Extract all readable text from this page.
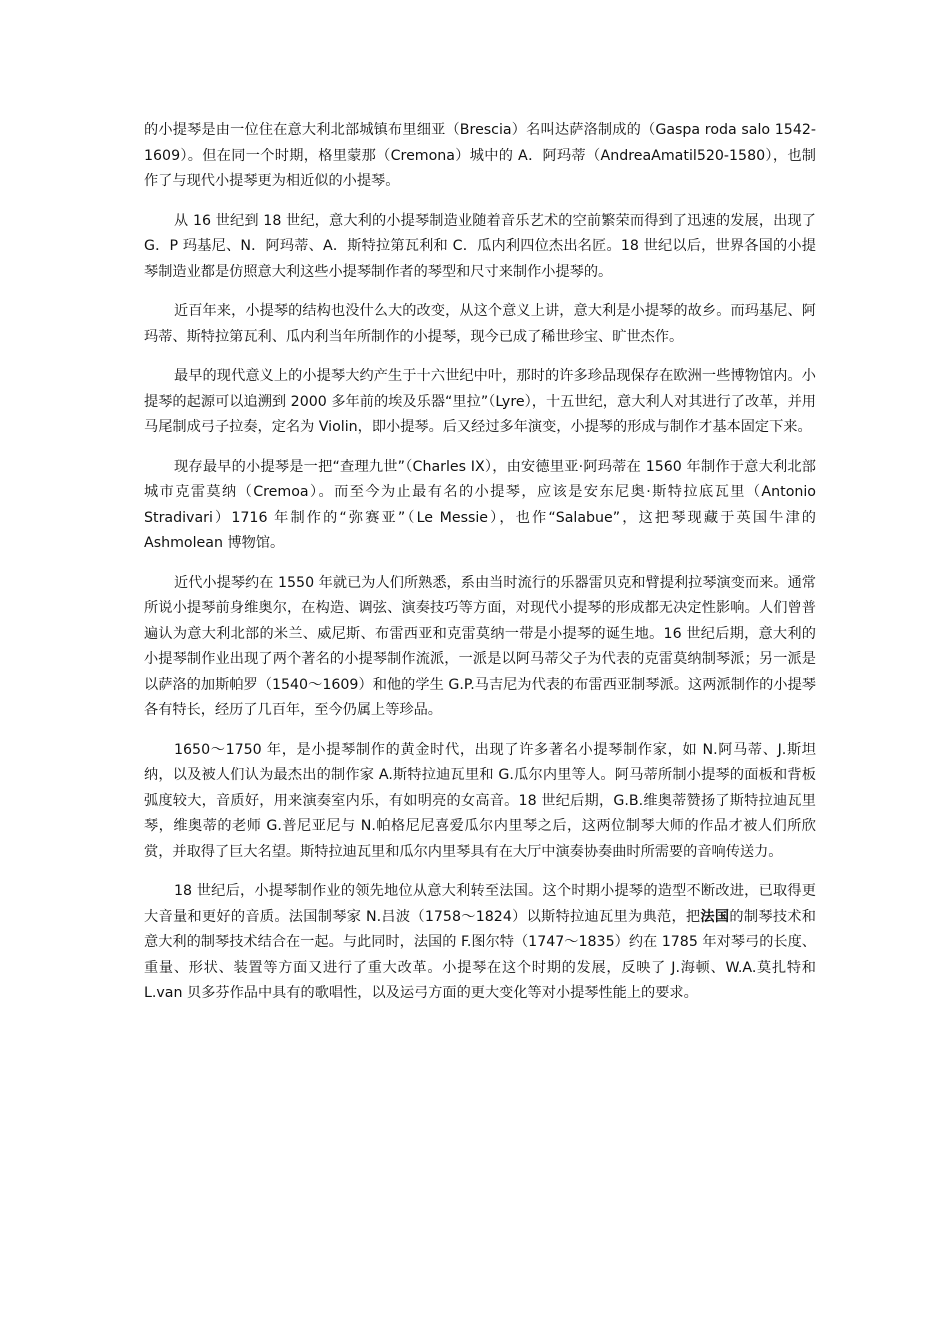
的小提琴是由一位住在意大利北部城镇布里细亚（Brescia）名叫达萨洛制成的（Gaspa roda salo 1542-1609）。但在同一个时期，格里蒙那（Cremona）城中的 A．阿玛蒂（AndreaAmatil520-1580），也制作了与现代小提琴更为相近似的小提琴。

从 16 世纪到 18 世纪，意大利的小提琴制造业随着音乐艺术的空前繁荣而得到了迅速的发展，出现了 G．P 玛基尼、N．阿玛蒂、A．斯特拉第瓦利和 C．瓜内利四位杰出名匠。18 世纪以后，世界各国的小提琴制造业都是仿照意大利这些小提琴制作者的琴型和尺寸来制作小提琴的。

近百年来，小提琴的结构也没什么大的改变，从这个意义上讲，意大利是小提琴的故乡。而玛基尼、阿玛蒂、斯特拉第瓦利、瓜内利当年所制作的小提琴，现今已成了稀世珍宝、旷世杰作。

最早的现代意义上的小提琴大约产生于十六世纪中叶，那时的许多珍品现保存在欧洲一些博物馆内。小提琴的起源可以追溯到 2000 多年前的埃及乐器“里拉”（Lyre），十五世纪，意大利人对其进行了改革，并用马尾制成弓子拉奏，定名为 Violin，即小提琴。后又经过多年演变，小提琴的形成与制作才基本固定下来。

现存最早的小提琴是一把“查理九世”（Charles IX），由安德里亚·阿玛蒂在 1560 年制作于意大利北部城市克雷莫纳（Cremoa）。而至今为止最有名的小提琴，应该是安东尼奥·斯特拉底瓦里（Antonio Stradivari）1716 年制作的“弥赛亚”（Le Messie），也作“Salabue”，这把琴现藏于英国牛津的 Ashmolean 博物馆。

近代小提琴约在 1550 年就已为人们所熟悉，系由当时流行的乐器雷贝克和臂提利拉琴演变而来。通常所说小提琴前身维奥尔，在构造、调弦、演奏技巧等方面，对现代小提琴的形成都无决定性影响。人们曾普遍认为意大利北部的米兰、威尼斯、布雷西亚和克雷莫纳一带是小提琴的诞生地。16 世纪后期，意大利的小提琴制作业出现了两个著名的小提琴制作流派，一派是以阿马蒂父子为代表的克雷莫纳制琴派；另一派是以萨洛的加斯帕罗（1540～1609）和他的学生 G.P.马吉尼为代表的布雷西亚制琴派。这两派制作的小提琴各有特长，经历了几百年，至今仍属上等珍品。

1650～1750 年，是小提琴制作的黄金时代，出现了许多著名小提琴制作家，如 N.阿马蒂、J.斯坦纳，以及被人们认为最杰出的制作家 A.斯特拉迪瓦里和 G.瓜尔内里等人。阿马蒂所制小提琴的面板和背板弧度较大，音质好，用来演奏室内乐，有如明亮的女高音。18 世纪后期，G.B.维奥蒂赞扬了斯特拉迪瓦里琴，维奥蒂的老师 G.普尼亚尼与 N.帕格尼尼喜爱瓜尔内里琴之后，这两位制琴大师的作品才被人们所欣赏，并取得了巨大名望。斯特拉迪瓦里和瓜尔内里琴具有在大厅中演奏协奏曲时所需要的音响传送力。

18 世纪后，小提琴制作业的领先地位从意大利转至法国。这个时期小提琴的造型不断改进，已取得更大音量和更好的音质。法国制琴家 N.吕波（1758～1824）以斯特拉迪瓦里为典范，把法国的制琴技术和意大利的制琴技术结合在一起。与此同时，法国的 F.图尔特（1747～1835）约在 1785 年对琴弓的长度、重量、形状、装置等方面又进行了重大改革。小提琴在这个时期的发展，反映了 J.海顿、W.A.莫扎特和 L.van 贝多芬作品中具有的歌唱性，以及运弓方面的更大变化等对小提琴性能上的要求。
